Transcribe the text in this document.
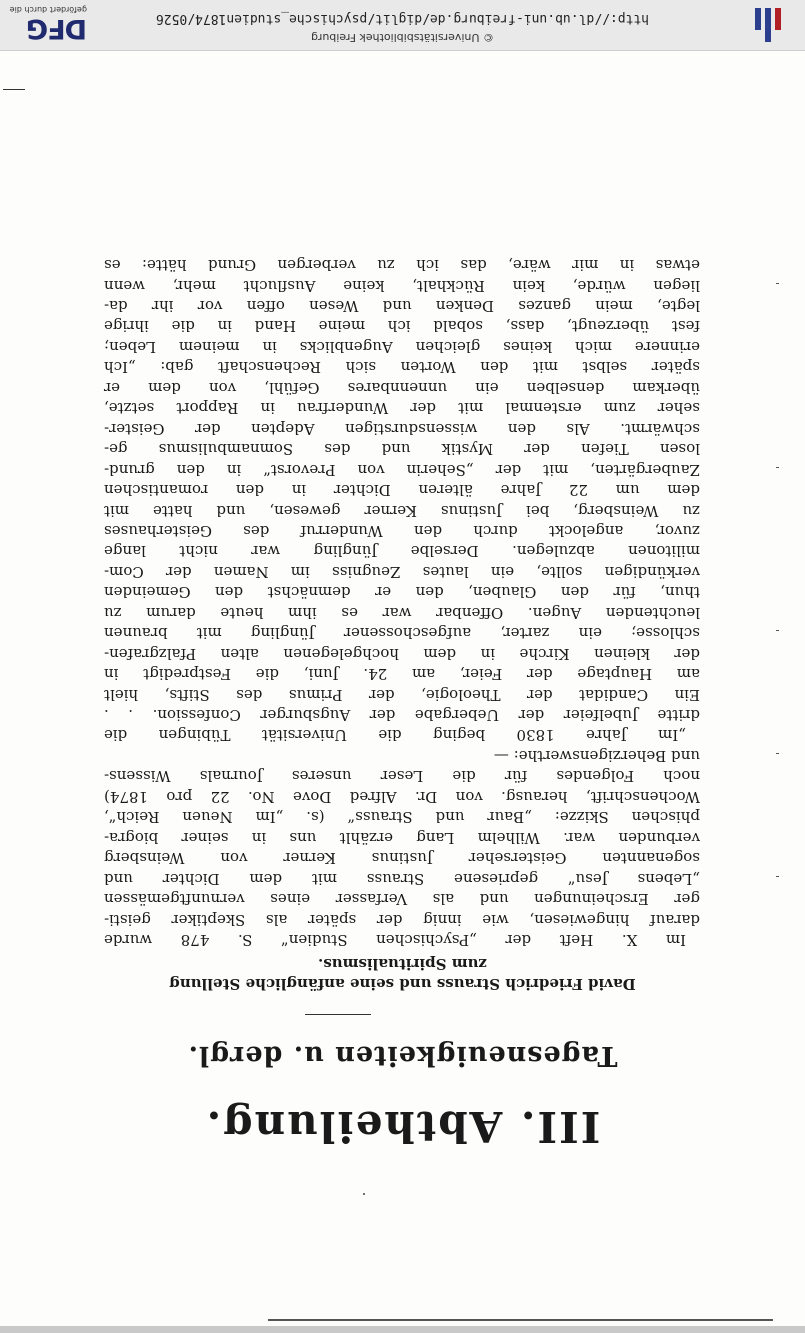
III. Abtheilung.
Tagesneuigkeiten u. dergl.
David Friedrich Strauss und seine anfängliche Stellung
zum Spiritualismus.
Im X. Heft der „Psychischen Studien“ S. 478 wurde
darauf hingewiesen, wie innig der später als Skeptiker geisti-
ger Erscheinungen und als Verfasser eines vernunftgemässen
„Lebens Jesu“ gepriesene Strauss mit dem Dichter und
sogenannten Geisterseher Justinus Kerner von Weinsberg
verbunden war. Wilhelm Lang erzählt uns in seiner biogra-
phischen Skizze: „Baur und Strauss“ (s. „Im Neuen Reich“,
Wochenschrift, herausg. von Dr. Alfred Dove No. 22 pro 1874)
noch Folgendes für die Leser unseres Journals Wissens-
und Beherzigenswerthe: —
„Im Jahre 1830 beging die Universität Tübingen die
dritte Jubelfeier der Uebergabe der Augsburger Confession. . .
Ein Candidat der Theologie, der Primus des Stifts, hielt
am Hauptage der Feier, am 24. Juni, die Festpredigt in
der kleinen Kirche in dem hochgelegenen alten Pfalzgrafen-
schlosse; ein zarter, aufgeschossener Jüngling mit braunen
leuchtenden Augen. Offenbar war es ihm heute darum zu
thun, für den Glauben, den er demnächst den Gemeinden
verkündigen sollte, ein lautes Zeugniss im Namen der Com-
militonen abzulegen. Derselbe Jüngling war nicht lange
zuvor, angelockt durch den Wunderruf des Geisterhauses
zu Weinsberg, bei Justinus Kerner gewesen, und hatte mit
dem um 22 Jahre älteren Dichter in den romantischen
Zaubergärten, mit der „Seherin von Prevorst“ in den grund-
losen Tiefen der Mystik und des Somnambulismus ge-
schwärmt. Als den wissensdurstigen Adepten der Geister-
seher zum erstenmal mit der Wunderfrau in Rapport setzte,
überkam denselben ein unnennbares Gefühl, von dem er
später selbst mit den Worten sich Rechenschaft gab: „Ich
erinnere mich keines gleichen Augenblicks in meinem Leben;
fest überzeugt, dass, sobald ich meine Hand in die ihrige
legte, mein ganzes Denken und Wesen offen vor ihr da-
liegen würde, kein Rückhalt, keine Ausflucht mehr, wenn
etwas in mir wäre, das ich zu verbergen Grund hätte: es
© Universitätsbibliothek Freiburg
http://dl.ub.uni-freiburg.de/diglit/psychische_studien1874/0526
DFG
gefördert durch die
